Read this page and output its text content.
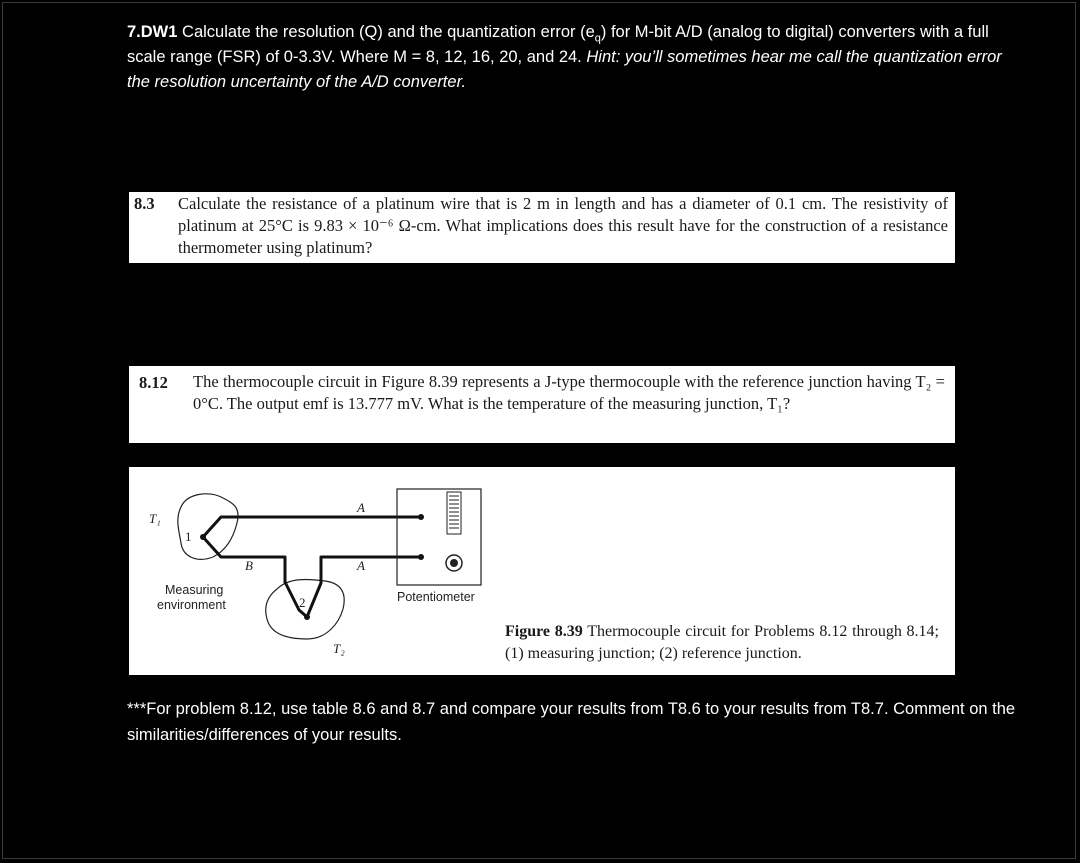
7.DW1 Calculate the resolution (Q) and the quantization error $(e_q)$ for M-bit A/D (analog to digital) converters with a full scale range (FSR) of 0-3.3V. Where M = 8, 12, 16, 20, and 24. Hint: you’ll sometimes hear me call the quantization error the resolution uncertainty of the A/D converter.
8.3 Calculate the resistance of a platinum wire that is 2 m in length and has a diameter of 0.1 cm. The resistivity of platinum at 25°C is 9.83 × 10⁻⁶ Ω-cm. What implications does this result have for the construction of a resistance thermometer using platinum?
8.12 The thermocouple circuit in Figure 8.39 represents a J-type thermocouple with the reference junction having T₂ = 0°C. The output emf is 13.777 mV. What is the temperature of the measuring junction, T₁?
T₁
1
A
B	A
2
T₂
Measuring
environment
Potentiometer
Figure 8.39 Thermocouple circuit for Problems 8.12 through 8.14; (1) measuring junction; (2) reference junction.
***For problem 8.12, use table 8.6 and 8.7 and compare your results from T8.6 to your results from T8.7. Comment on the similarities/differences of your results.
